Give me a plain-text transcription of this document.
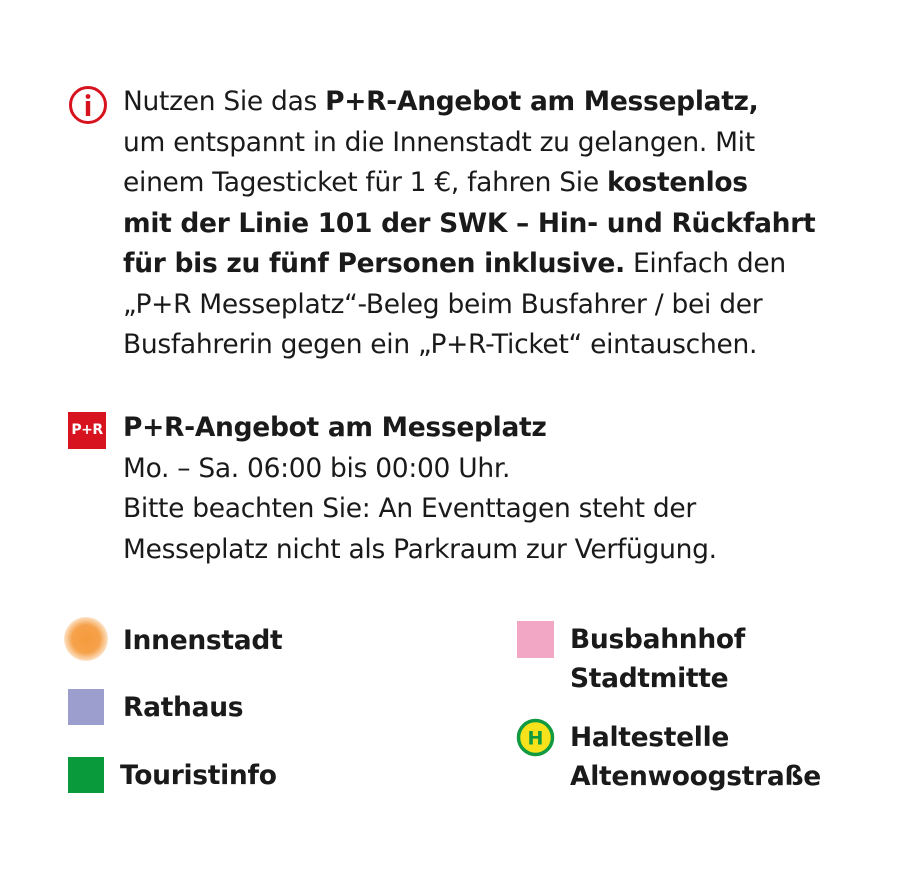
Nutzen Sie das P+R-Angebot am Messeplatz,
um entspannt in die Innenstadt zu gelangen. Mit
einem Tagesticket für 1 €, fahren Sie kostenlos
mit der Linie 101 der SWK – Hin- und Rückfahrt
für bis zu fünf Personen inklusive. Einfach den
„P+R Messeplatz“-Beleg beim Busfahrer / bei der
Busfahrerin gegen ein „P+R-Ticket“ eintauschen.
P+R P+R-Angebot am Messeplatz
Mo. – Sa. 06:00 bis 00:00 Uhr.
Bitte beachten Sie: An Eventtagen steht der
Messeplatz nicht als Parkraum zur Verfügung.
Innenstadt
Rathaus
Touristinfo
Busbahnhof
Stadtmitte
H Haltestelle
Altenwoogstraße
